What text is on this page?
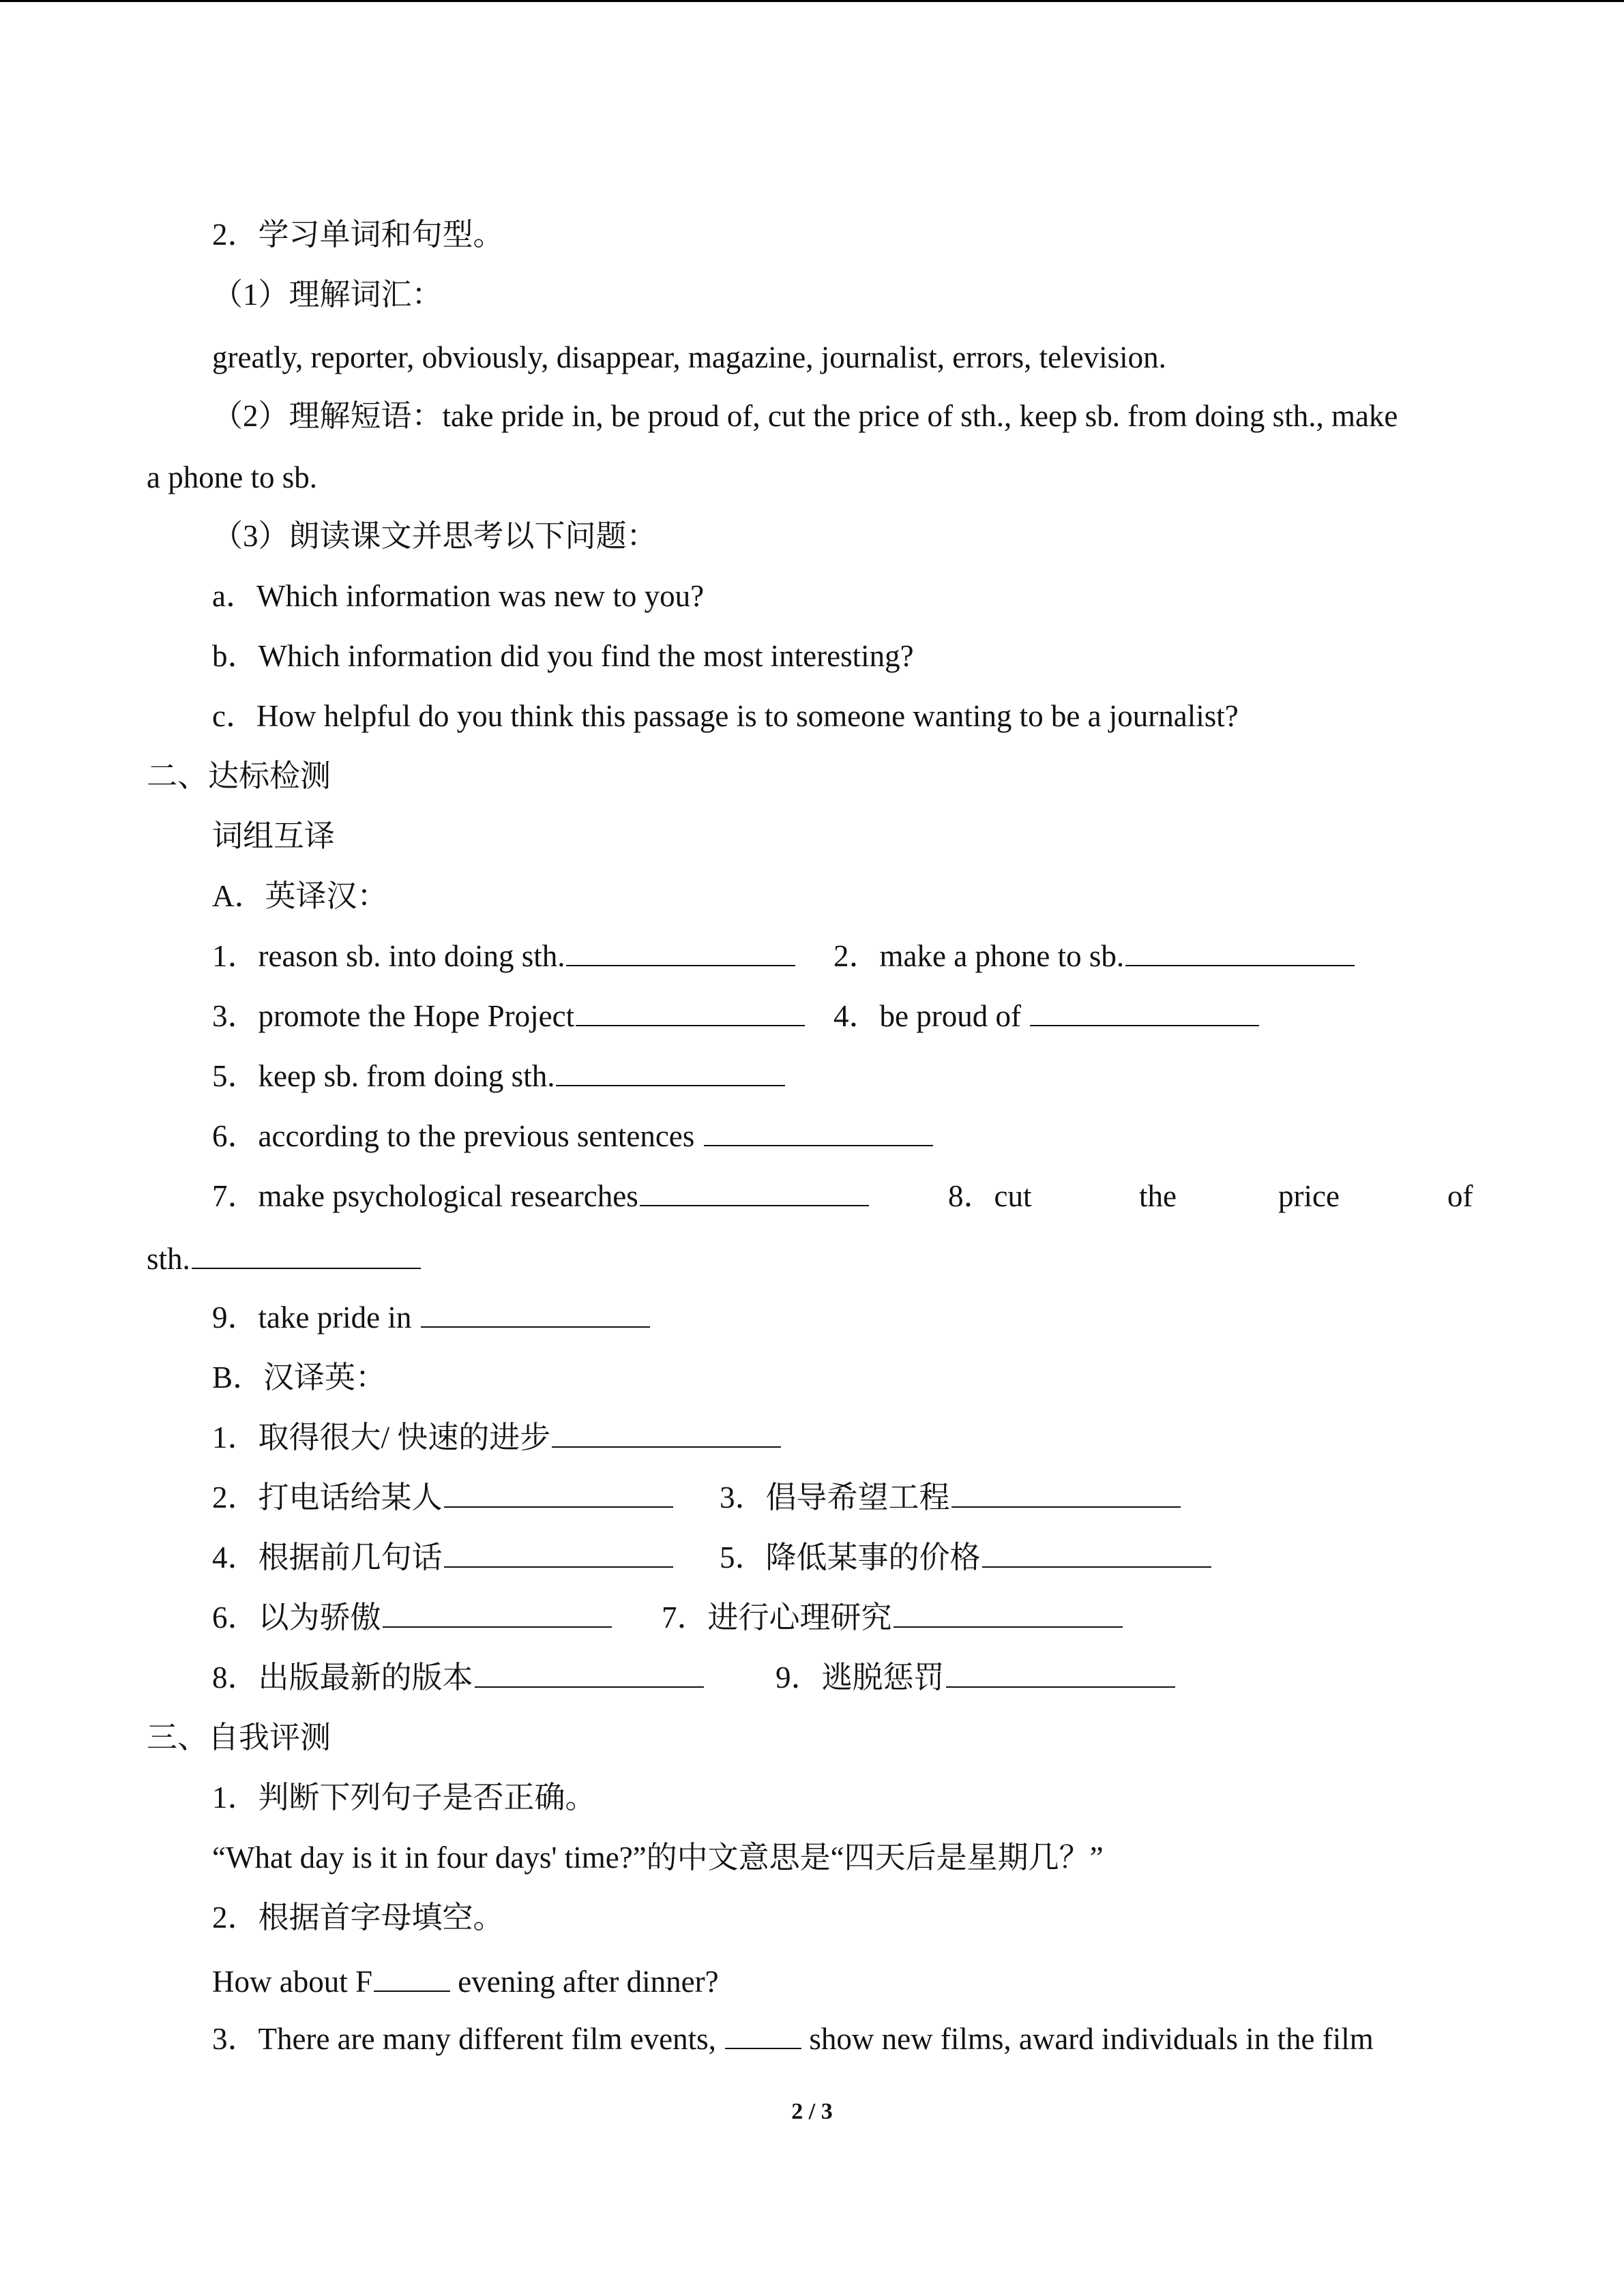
2．学习单词和句型。
（1）理解词汇：
greatly, reporter, obviously, disappear, magazine, journalist, errors, television.
（2）理解短语：take pride in, be proud of, cut the price of sth., keep sb. from doing sth., make
a phone to sb.
（3）朗读课文并思考以下问题：
a．Which information was new to you?
b．Which information did you find the most interesting?
c．How helpful do you think this passage is to someone wanting to be a journalist?
二、达标检测
词组互译
A．英译汉：
1．reason sb. into doing sth.	2．make a phone to sb.
3．promote the Hope Project	4．be proud of
5．keep sb. from doing sth.
6．according to the previous sentences
7．make psychological researches	8．cut	the	price	of
sth.
9．take pride in
B．汉译英：
1．取得很大/ 快速的进步
2．打电话给某人	3．倡导希望工程
4．根据前几句话	5．降低某事的价格
6．以为骄傲	7．进行心理研究
8．出版最新的版本	9．逃脱惩罚
三、自我评测
1．判断下列句子是否正确。
“What day is it in four days' time?”的中文意思是“四天后是星期几？”
2．根据首字母填空。
How about F	evening after dinner?
3．There are many different film events,	show new films, award individuals in the film
2 / 3
